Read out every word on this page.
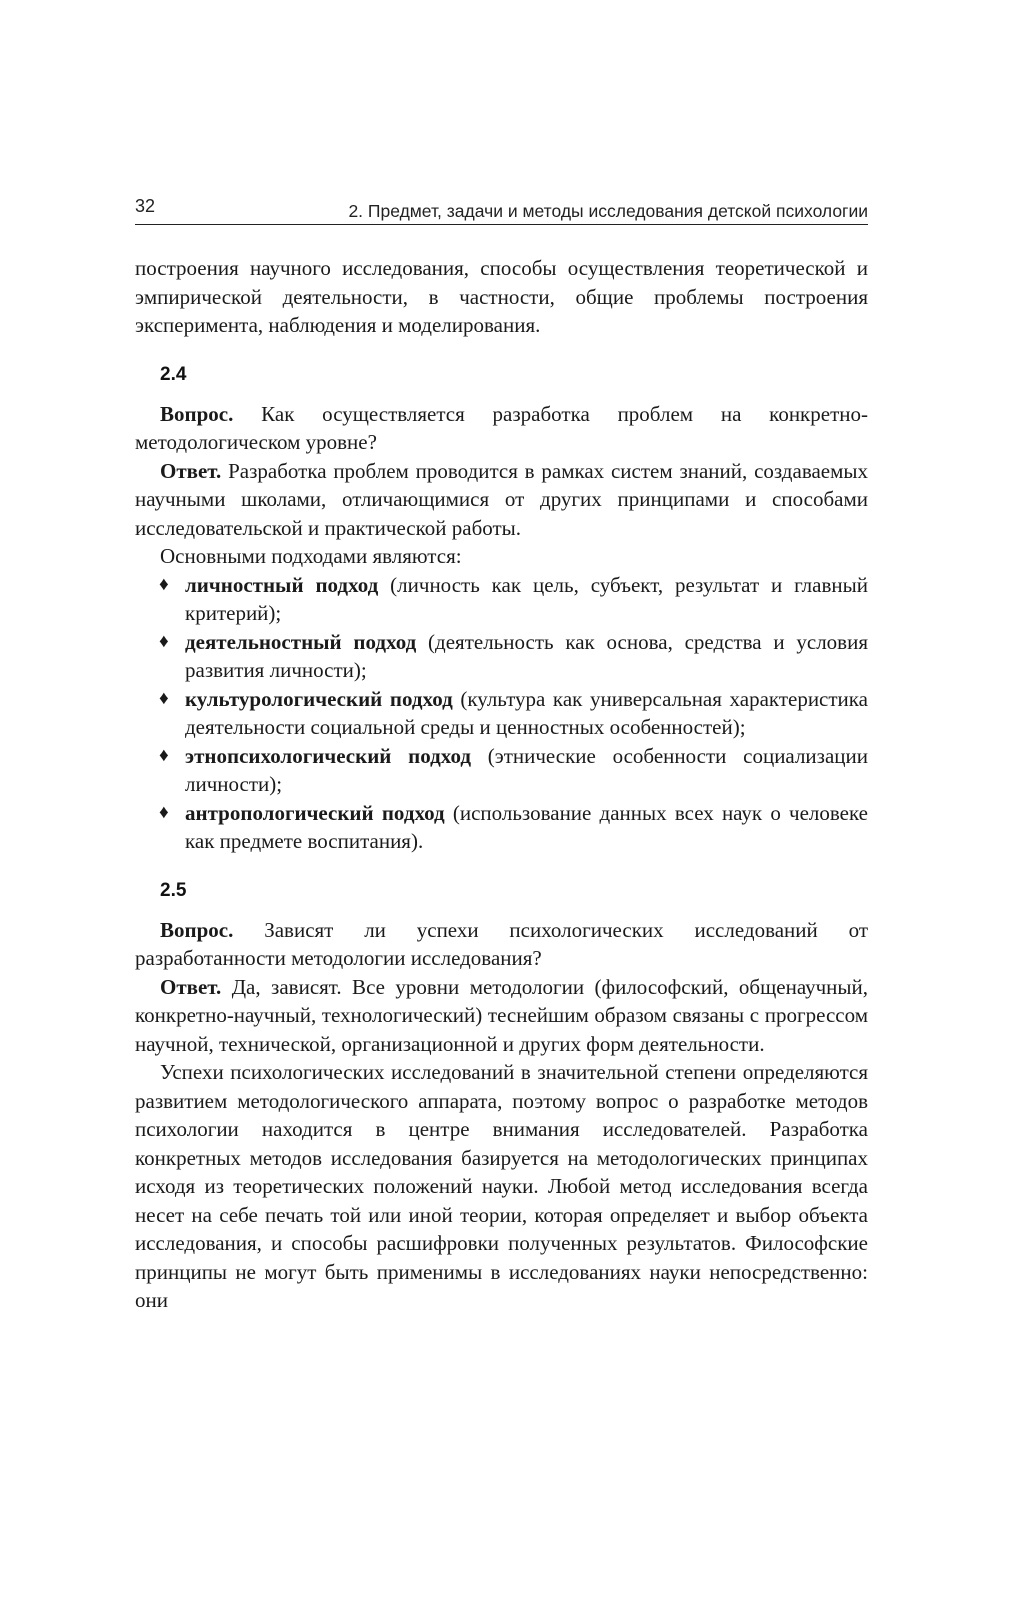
32	2. Предмет, задачи и методы исследования детской психологии

построения научного исследования, способы осуществления теоретической и эмпирической деятельности, в частности, общие проблемы построения эксперимента, наблюдения и моделирования.

2.4

Вопрос. Как осуществляется разработка проблем на конкретно-методологическом уровне?

Ответ. Разработка проблем проводится в рамках систем знаний, создаваемых научными школами, отличающимися от других принципами и способами исследовательской и практической работы.

Основными подходами являются:

♦ личностный подход (личность как цель, субъект, результат и главный критерий);
♦ деятельностный подход (деятельность как основа, средства и условия развития личности);
♦ культурологический подход (культура как универсальная характеристика деятельности социальной среды и ценностных особенностей);
♦ этнопсихологический подход (этнические особенности социализации личности);
♦ антропологический подход (использование данных всех наук о человеке как предмете воспитания).
2.5

Вопрос. Зависят ли успехи психологических исследований от разработанности методологии исследования?

Ответ. Да, зависят. Все уровни методологии (философский, общенаучный, конкретно-научный, технологический) теснейшим образом связаны с прогрессом научной, технической, организационной и других форм деятельности.

Успехи психологических исследований в значительной степени определяются развитием методологического аппарата, поэтому вопрос о разработке методов психологии находится в центре внимания исследователей. Разработка конкретных методов исследования базируется на методологических принципах исходя из теоретических положений науки. Любой метод исследования всегда несет на себе печать той или иной теории, которая определяет и выбор объекта исследования, и способы расшифровки полученных результатов. Философские принципы не могут быть применимы в исследованиях науки непосредственно: они
